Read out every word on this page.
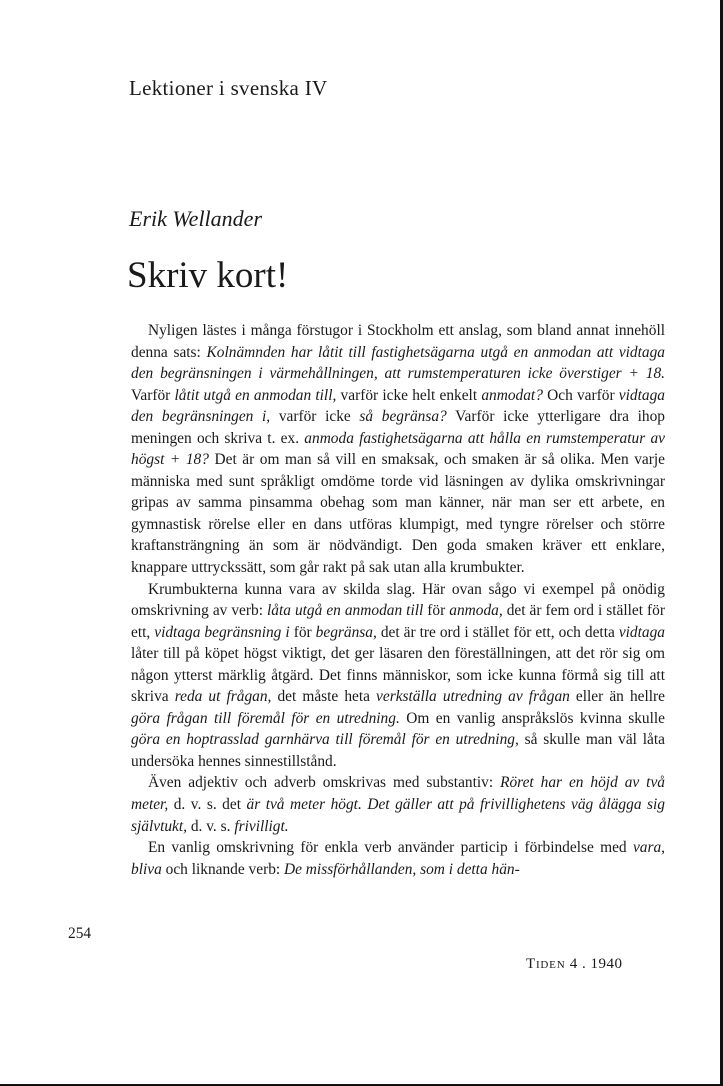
Lektioner i svenska IV
Erik Wellander
Skriv kort!

Nyligen lästes i många förstugor i Stockholm ett anslag, som bland annat innehöll denna sats: Kolnämnden har låtit till fastighetsägarna utgå en anmodan att vidtaga den begränsningen i värmehållningen, att rumstemperaturen icke överstiger + 18. Varför låtit utgå en anmodan till, varför icke helt enkelt anmodat? Och varför vidtaga den begränsningen i, varför icke så begränsa? Varför icke ytterligare dra ihop meningen och skriva t. ex. anmoda fastighetsägarna att hålla en rumstemperatur av högst + 18? Det är om man så vill en smaksak, och smaken är så olika. Men varje människa med sunt språkligt omdöme torde vid läsningen av dylika omskrivningar gripas av samma pinsamma obehag som man känner, när man ser ett arbete, en gymnastisk rörelse eller en dans utföras klumpigt, med tyngre rörelser och större kraftansträngning än som är nödvändigt. Den goda smaken kräver ett enklare, knappare uttryckssätt, som går rakt på sak utan alla krumbukter.

Krumbukterna kunna vara av skilda slag. Här ovan sågo vi exempel på onödig omskrivning av verb: låta utgå en anmodan till för anmoda, det är fem ord i stället för ett, vidtaga begränsning i för begränsa, det är tre ord i stället för ett, och detta vidtaga låter till på köpet högst viktigt, det ger läsaren den föreställningen, att det rör sig om någon ytterst märklig åtgärd. Det finns människor, som icke kunna förmå sig till att skriva reda ut frågan, det måste heta verkställa utredning av frågan eller än hellre göra frågan till föremål för en utredning. Om en vanlig anspråkslös kvinna skulle göra en hoptrasslad garnhärva till föremål för en utredning, så skulle man väl låta undersöka hennes sinnestillstånd.

Även adjektiv och adverb omskrivas med substantiv: Röret har en höjd av två meter, d. v. s. det är två meter högt. Det gäller att på frivillighetens väg ålägga sig självtukt, d. v. s. frivilligt.

En vanlig omskrivning för enkla verb använder particip i förbindelse med vara, bliva och liknande verb: De missförhållanden, som i detta hän-

254
Tiden 4 . 1940
